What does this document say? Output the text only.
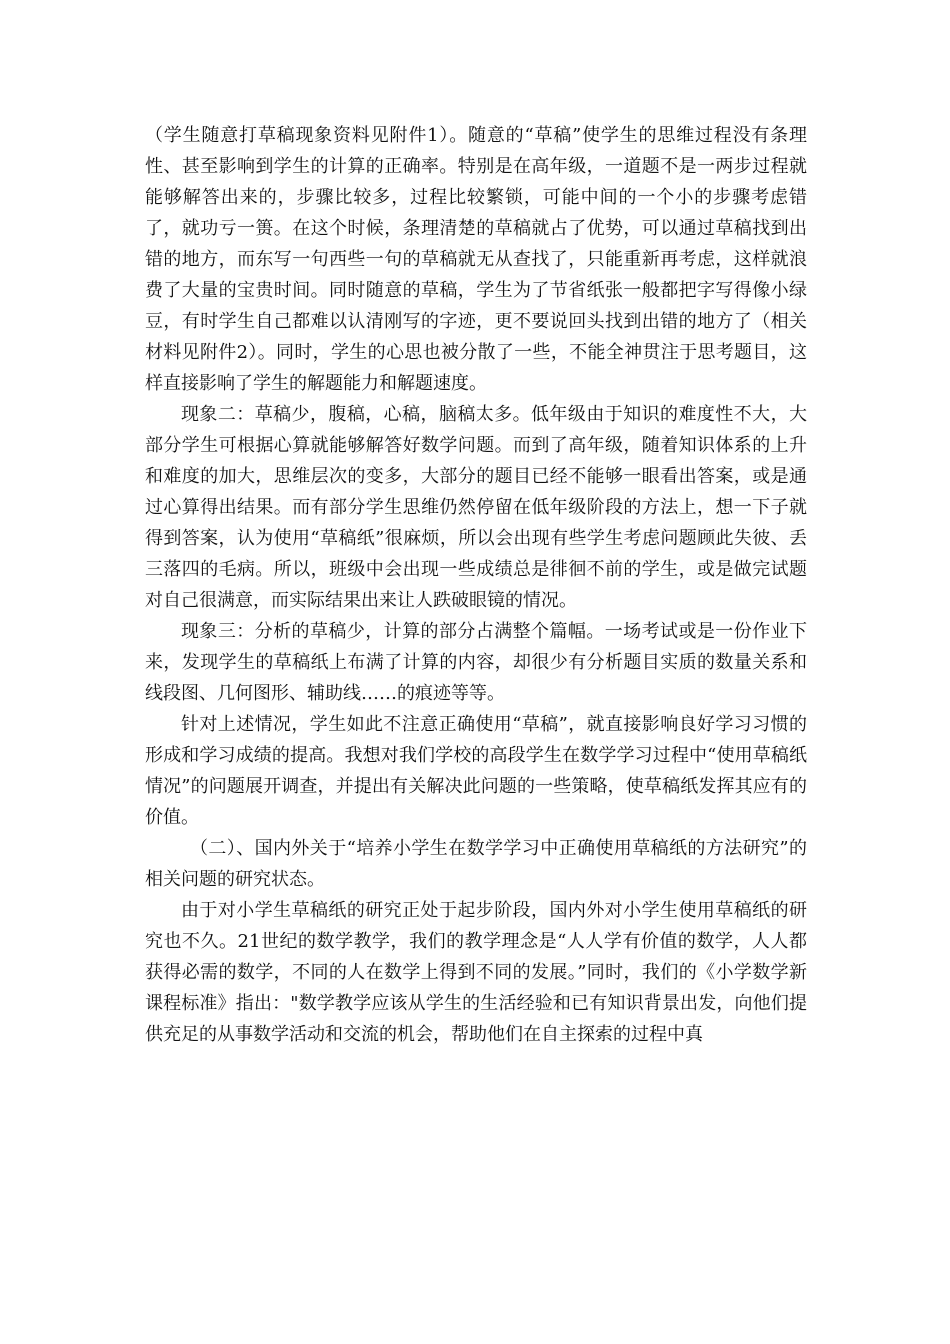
（学生随意打草稿现象资料见附件1）。随意的“草稿”使学生的思维过程没有条理性、甚至影响到学生的计算的正确率。特别是在高年级，一道题不是一两步过程就能够解答出来的，步骤比较多，过程比较繁锁，可能中间的一个小的步骤考虑错了，就功亏一篑。在这个时候，条理清楚的草稿就占了优势，可以通过草稿找到出错的地方，而东写一句西些一句的草稿就无从查找了，只能重新再考虑，这样就浪费了大量的宝贵时间。同时随意的草稿，学生为了节省纸张一般都把字写得像小绿豆，有时学生自己都难以认清刚写的字迹，更不要说回头找到出错的地方了（相关材料见附件2）。同时，学生的心思也被分散了一些，不能全神贯注于思考题目，这样直接影响了学生的解题能力和解题速度。

现象二：草稿少，腹稿，心稿，脑稿太多。低年级由于知识的难度性不大，大部分学生可根据心算就能够解答好数学问题。而到了高年级，随着知识体系的上升和难度的加大，思维层次的变多，大部分的题目已经不能够一眼看出答案，或是通过心算得出结果。而有部分学生思维仍然停留在低年级阶段的方法上，想一下子就得到答案，认为使用“草稿纸”很麻烦，所以会出现有些学生考虑问题顾此失彼、丢三落四的毛病。所以，班级中会出现一些成绩总是徘徊不前的学生，或是做完试题对自己很满意，而实际结果出来让人跌破眼镜的情况。

现象三：分析的草稿少，计算的部分占满整个篇幅。一场考试或是一份作业下来，发现学生的草稿纸上布满了计算的内容，却很少有分析题目实质的数量关系和线段图、几何图形、辅助线……的痕迹等等。

针对上述情况，学生如此不注意正确使用“草稿”，就直接影响良好学习习惯的形成和学习成绩的提高。我想对我们学校的高段学生在数学学习过程中“使用草稿纸情况”的问题展开调查，并提出有关解决此问题的一些策略，使草稿纸发挥其应有的价值。

（二）、国内外关于“培养小学生在数学学习中正确使用草稿纸的方法研究”的相关问题的研究状态。

由于对小学生草稿纸的研究正处于起步阶段，国内外对小学生使用草稿纸的研究也不久。21世纪的数学教学，我们的教学理念是“人人学有价值的数学，人人都获得必需的数学，不同的人在数学上得到不同的发展。”同时，我们的《小学数学新课程标准》指出："数学教学应该从学生的生活经验和已有知识背景出发，向他们提供充足的从事数学活动和交流的机会，帮助他们在自主探索的过程中真
